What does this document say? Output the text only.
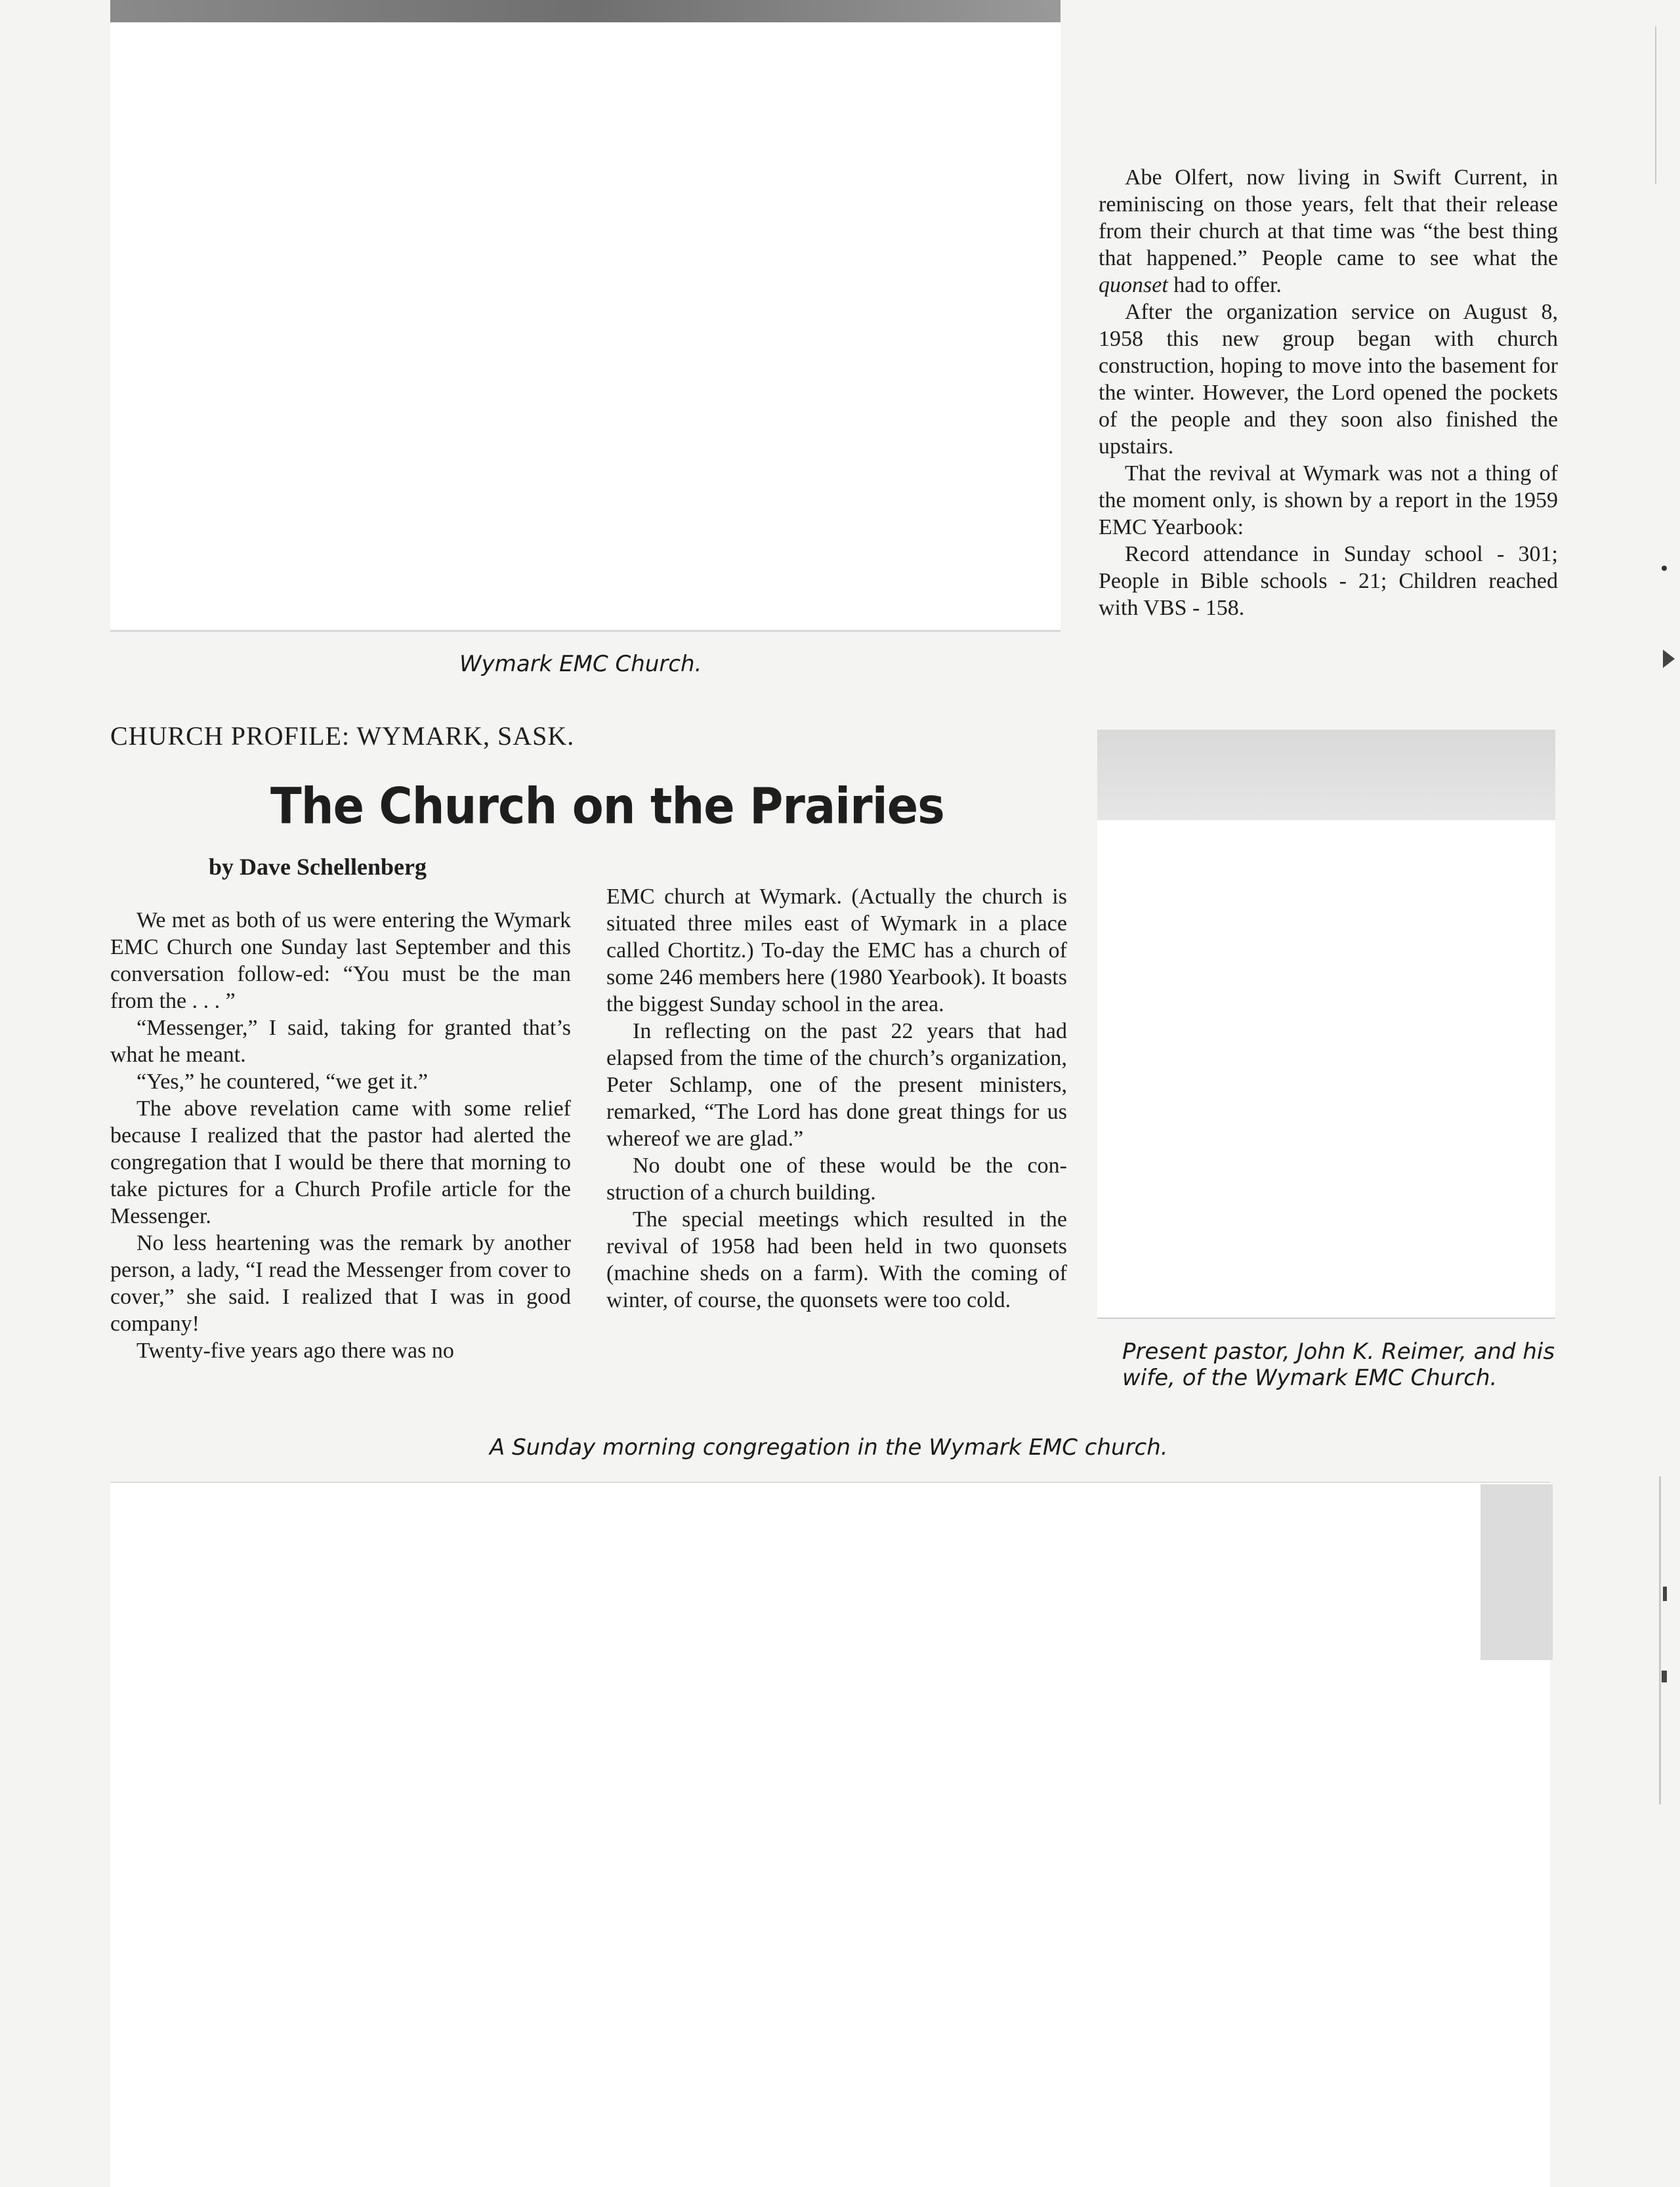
Wymark EMC Church.

Abe Olfert, now living in Swift Current, in reminiscing on those years, felt that their release from their church at that time was “the best thing that happened.” People came to see what the quonset had to offer.

After the organization service on August 8, 1958 this new group began with church construction, hoping to move into the basement for the winter. However, the Lord opened the pockets of the people and they soon also finished the upstairs.

That the revival at Wymark was not a thing of the moment only, is shown by a report in the 1959 EMC Yearbook:

Record attendance in Sunday school - 301; People in Bible schools - 21; Children reached with VBS - 158.

CHURCH PROFILE: WYMARK, SASK.
The Church on the Prairies
by Dave Schellenberg

We met as both of us were entering the Wymark EMC Church one Sunday last September and this conversation follow-ed: “You must be the man from the . . . ”

“Messenger,” I said, taking for granted that’s what he meant.

“Yes,” he countered, “we get it.”

The above revelation came with some relief because I realized that the pastor had alerted the congregation that I would be there that morning to take pictures for a Church Profile article for the Messenger.

No less heartening was the remark by another person, a lady, “I read the Messenger from cover to cover,” she said. I realized that I was in good company!

Twenty-five years ago there was no

EMC church at Wymark. (Actually the church is situated three miles east of Wymark in a place called Chortitz.) To-day the EMC has a church of some 246 members here (1980 Yearbook). It boasts the biggest Sunday school in the area.

In reflecting on the past 22 years that had elapsed from the time of the church’s organization, Peter Schlamp, one of the present ministers, remarked, “The Lord has done great things for us whereof we are glad.”

No doubt one of these would be the con-struction of a church building.

The special meetings which resulted in the revival of 1958 had been held in two quonsets (machine sheds on a farm). With the coming of winter, of course, the quonsets were too cold.

Present pastor, John K. Reimer, and his
wife, of the Wymark EMC Church.
A Sunday morning congregation in the Wymark EMC church.
